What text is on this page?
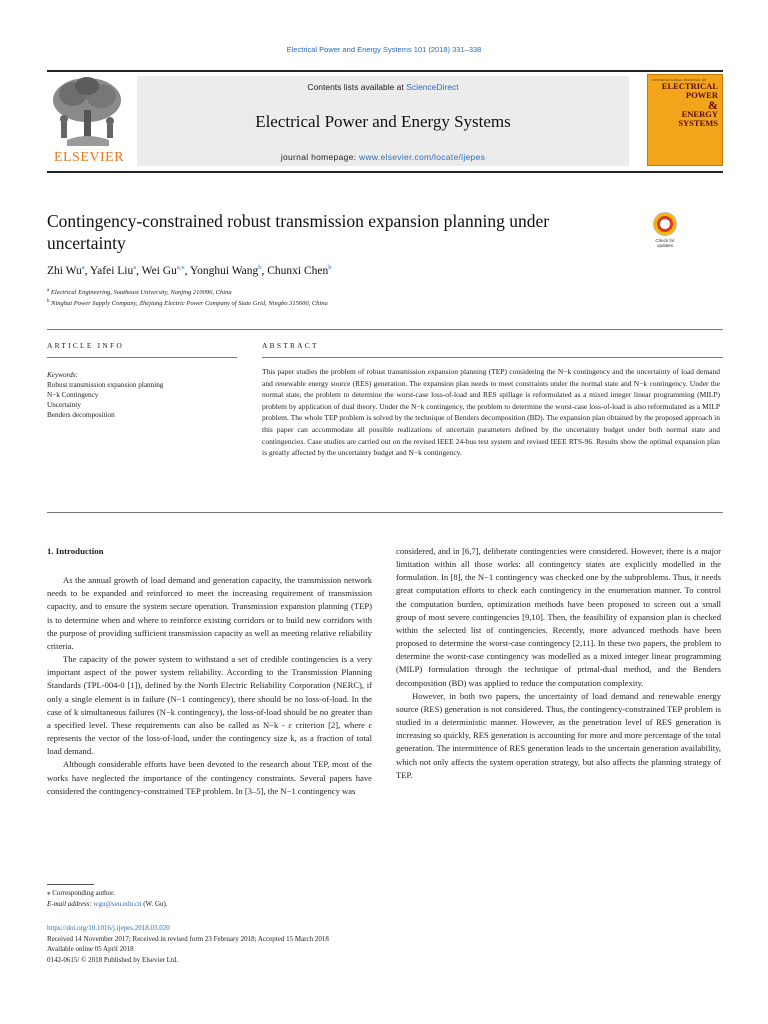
Electrical Power and Energy Systems 101 (2018) 331–338
ELSEVIER
Contents lists available at ScienceDirect
Electrical Power and Energy Systems
journal homepage: www.elsevier.com/locate/ijepes
INTERNATIONAL JOURNAL OF
ELECTRICAL
POWER
&
ENERGY
SYSTEMS
Contingency-constrained robust transmission expansion planning under uncertainty	Check for
updates
Zhi Wu$^a$, Yafei Liu$^a$, Wei $Gu^{a,⁎}$, Yonghui Wang$^b$, Chunxi Chen$^b$
$^a$ Electrical Engineering, Southeast University, Nanjing 210096, China
$^b$ Ninghai Power Supply Company, Zhejiang Electric Power Company of State Grid, Ningbo 315600, China
ARTICLE INFO	ABSTRACT
Keywords:
Robust transmission expansion planning
N−k Contingency
Uncertainty
Benders decomposition
This paper studies the problem of robust transmission expansion planning (TEP) considering the N−k contingency and the uncertainty of load demand and renewable energy source (RES) generation. The expansion plan needs to meet constraints under the normal state and N−k contingency. Under the normal state, the problem to determine the worst-case loss-of-load and RES spillage is reformulated as a mixed integer linear programming (MILP) problem by application of dual theory. Under the N−k contingency, the problem to determine the worst-case loss-of-load is also reformulated as a MILP problem. The whole TEP problem is solved by the technique of Benders decomposition (BD). The expansion plan obtained by the proposed approach in this paper can accommodate all possible realizations of uncertain parameters defined by the uncertainty budget under both normal state and contingencies. Case studies are carried out on the revised IEEE 24-bus test system and revised IEEE RTS-96. Results show the optimal expansion plan is greatly affected by the uncertainty budget and N−k contingency.
1. Introduction

As the annual growth of load demand and generation capacity, the transmission network needs to be expanded and reinforced to meet the increasing requirement of transmission capacity, and to ensure the system secure operation. Transmission expansion planning (TEP) is to determine when and where to reinforce existing corridors or to build new corridors with the purpose of providing sufficient transmission capacity as well as meeting relative reliability criteria.

The capacity of the power system to withstand a set of credible contingencies is a very important aspect of the power system reliability. According to the Transmission Planning Standards (TPL-004-0 [1]), defined by the North Electric Reliability Corporation (NERC), if only a single element is in failure (N−1 contingency), there should be no loss-of-load. In the case of k simultaneous failures (N−k contingency), the loss-of-load should be no greater than a specified level. These requirements can also be called as N−k - ε criterion [2], where ε represents the vector of the loss-of-load, under the contingency size k, as a fraction of total load demand.

Although considerable efforts have been devoted to the research about TEP, most of the works have neglected the importance of the contingency constraints. Several papers have considered the contingency-constrained TEP problem. In [3–5], the N−1 contingency was

considered, and in [6,7], deliberate contingencies were considered. However, there is a major limitation within all those works: all contingency states are explicitly modelled in the formulation. In [8], the N−1 contingency was checked one by the subproblems. Thus, it needs great computation efforts to check each contingency in the enumeration manner. To control the computation burden, optimization methods have been proposed to screen out a small group of most severe contingencies [9,10]. Then, the feasibility of expansion plan is checked within the selected list of contingencies. Recently, more advanced methods have been proposed to determine the worst-case contingency [2,11]. In these two papers, the problem to determine the worst-case contingency was modelled as a mixed integer linear programming (MILP) formulation through the technique of primal-dual method, and the Benders decomposition (BD) was applied to reduce the computation complexity.

However, in both two papers, the uncertainty of load demand and renewable energy source (RES) generation is not considered. Thus, the contingency-constrained TEP problem is studied in a deterministic manner. However, as the penetration level of RES generation is increasing so quickly, RES generation is accounting for more and more percentage of the total generation. The intermittence of RES generation leads to the uncertain generation availability, which not only affects the system operation strategy, but also affects the planning strategy of TEP.

⁎ Corresponding author.
E-mail address: wgu@seu.edu.cn (W. Gu).
https://doi.org/10.1016/j.ijepes.2018.03.020
Received 14 November 2017; Received in revised form 23 February 2018; Accepted 15 March 2018
Available online 05 April 2018
0142-0615/ © 2018 Published by Elsevier Ltd.
